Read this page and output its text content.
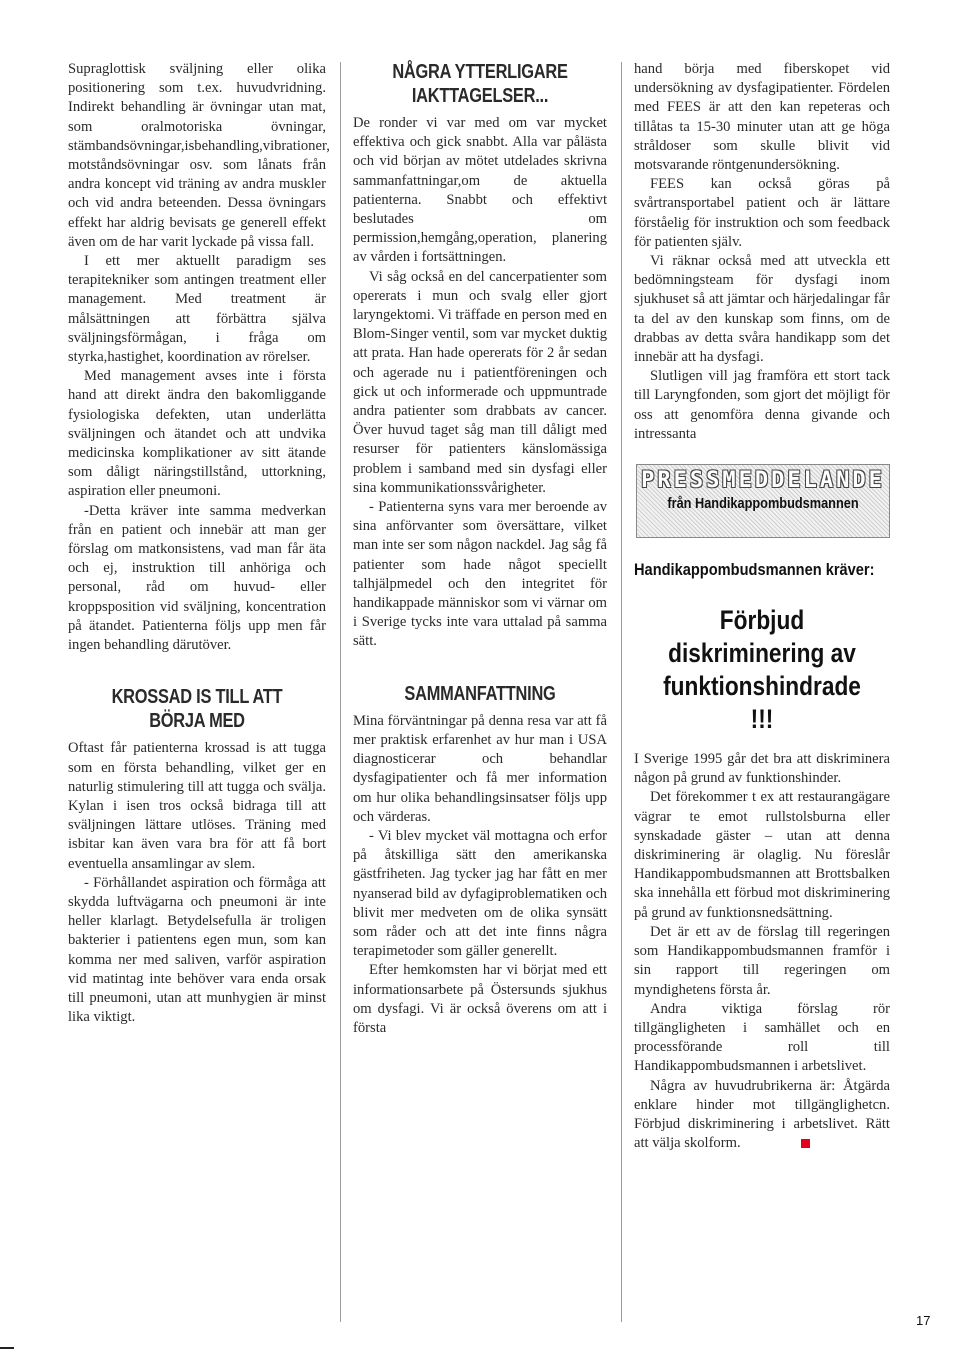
Supraglottisk sväljning eller olika positionering som t.ex. huvudvridning. Indirekt behandling är övningar utan mat, som oralmotoriska övningar, stämbandsövningar,isbehandling,vibrationer, motståndsövningar osv. som lånats från andra koncept vid träning av andra muskler och vid andra beteenden. Dessa övningars effekt har aldrig bevisats ge generell effekt även om de har varit lyckade på vissa fall.

I ett mer aktuellt paradigm ses terapitekniker som antingen treatment eller management. Med treatment är målsättningen att förbättra själva sväljningsförmågan, i fråga om styrka,hastighet, koordination av rörelser.

Med management avses inte i första hand att direkt ändra den bakomliggande fysiologiska defekten, utan underlätta sväljningen och ätandet och att undvika medicinska komplikationer av sitt ätande som dåligt näringstillstånd, uttorkning, aspiration eller pneumoni.

-Detta kräver inte samma medverkan från en patient och innebär att man ger förslag om matkonsistens, vad man får äta och ej, instruktion till anhöriga och personal, råd om huvud- eller kroppsposition vid sväljning, koncentration på ätandet. Patienterna följs upp men får ingen behandling därutöver.

KROSSAD IS TILL ATT BÖRJA MED

Oftast får patienterna krossad is att tugga som en första behandling, vilket ger en naturlig stimulering till att tugga och svälja. Kylan i isen tros också bidraga till att sväljningen lättare utlöses. Träning med isbitar kan även vara bra för att få bort eventuella ansamlingar av slem.

- Förhållandet aspiration och förmåga att skydda luftvägarna och pneumoni är inte heller klarlagt. Betydelsefulla är troligen bakterier i patientens egen mun, som kan komma ner med saliven, varför aspiration vid matintag inte behöver vara enda orsak till pneumoni, utan att munhygien är minst lika viktigt.

NÅGRA YTTERLIGARE IAKTTAGELSER...

De ronder vi var med om var mycket effektiva och gick snabbt. Alla var pålästa och vid början av mötet utdelades skrivna sammanfattningar,om de aktuella patienterna. Snabbt och effektivt beslutades om permission,hemgång,operation, planering av vården i fortsättningen.

Vi såg också en del cancerpatienter som opererats i mun och svalg eller gjort laryngektomi. Vi träffade en person med en Blom-Singer ventil, som var mycket duktig att prata. Han hade opererats för 2 år sedan och agerade nu i patientföreningen och gick ut och informerade och uppmuntrade andra patienter som drabbats av cancer. Över huvud taget såg man till dåligt med resurser för patienters känslomässiga problem i samband med sin dysfagi eller sina kommunikationssvårigheter.

- Patienterna syns vara mer beroende av sina anförvanter som översättare, vilket man inte ser som någon nackdel. Jag såg få patienter som hade något speciellt talhjälpmedel och den integritet för handikappade människor som vi värnar om i Sverige tycks inte vara uttalad på samma sätt.

SAMMANFATTNING

Mina förväntningar på denna resa var att få mer praktisk erfarenhet av hur man i USA diagnosticerar och behandlar dysfagipatienter och få mer information om hur olika behandlingsinsatser följs upp och värderas.

- Vi blev mycket väl mottagna och erfor på åtskilliga sätt den amerikanska gästfriheten. Jag tycker jag har fått en mer nyanserad bild av dyfagiproblematiken och blivit mer medveten om de olika synsätt som råder och att det inte finns några terapimetoder som gäller generellt.

Efter hemkomsten har vi börjat med ett informationsarbete på Östersunds sjukhus om dysfagi. Vi är också överens om att i första

hand börja med fiberskopet vid undersökning av dysfagipatienter. Fördelen med FEES är att den kan repeteras och tillåtas ta 15-30 minuter utan att ge höga stråldoser som skulle blivit vid motsvarande röntgenundersökning.

FEES kan också göras på svårtransportabel patient och är lättare förståelig för instruktion och som feedback för patienten själv.

Vi räknar också med att utveckla ett bedömningsteam för dysfagi inom sjukhuset så att jämtar och härjedalingar får ta del av den kunskap som finns, om de drabbas av detta svåra handikapp som det innebär att ha dysfagi.

Slutligen vill jag framföra ett stort tack till Laryngfonden, som gjort det möjligt för oss att genomföra denna givande och intressanta

PRESSMEDDELANDE
från Handikappombudsmannen
Handikappombudsmannen kräver:
Förbjud diskriminering av funktionshindrade !!!

I Sverige 1995 går det bra att diskriminera någon på grund av funktionshinder.

Det förekommer t ex att restaurangägare vägrar te emot rullstolsburna eller synskadade gäster – utan att denna diskriminering är olaglig. Nu föreslår Handikappombudsmannen att Brottsbalken ska innehålla ett förbud mot diskriminering på grund av funktionsnedsättning.

Det är ett av de förslag till regeringen som Handikappombudsmannen framför i sin rapport till regeringen om myndighetens första år.

Andra viktiga förslag rör tillgängligheten i samhället och en processförande roll till Handikappombudsmannen i arbetslivet.

Några av huvudrubrikerna är: Åtgärda enklare hinder mot tillgänglighetcn. Förbjud diskriminering i arbetslivet. Rätt att välja skolform.

17
